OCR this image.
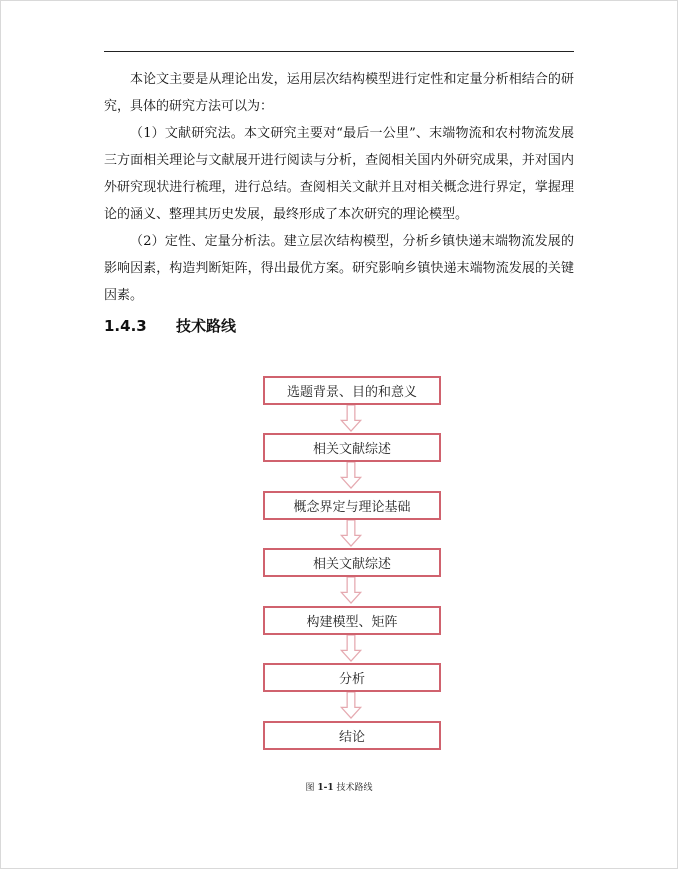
本论文主要是从理论出发，运用层次结构模型进行定性和定量分析相结合的研究，具体的研究方法可以为：

（1）文献研究法。本文研究主要对“最后一公里”、末端物流和农村物流发展三方面相关理论与文献展开进行阅读与分析，查阅相关国内外研究成果，并对国内外研究现状进行梳理，进行总结。查阅相关文献并且对相关概念进行界定，掌握理论的涵义、整理其历史发展，最终形成了本次研究的理论模型。

（2）定性、定量分析法。建立层次结构模型，分析乡镇快递末端物流发展的影响因素，构造判断矩阵，得出最优方案。研究影响乡镇快递末端物流发展的关键因素。

1.4.3 技术路线
选题背景、目的和意义
相关文献综述
概念界定与理论基础
相关文献综述
构建模型、矩阵
分析
结论
图 1-1 技术路线
